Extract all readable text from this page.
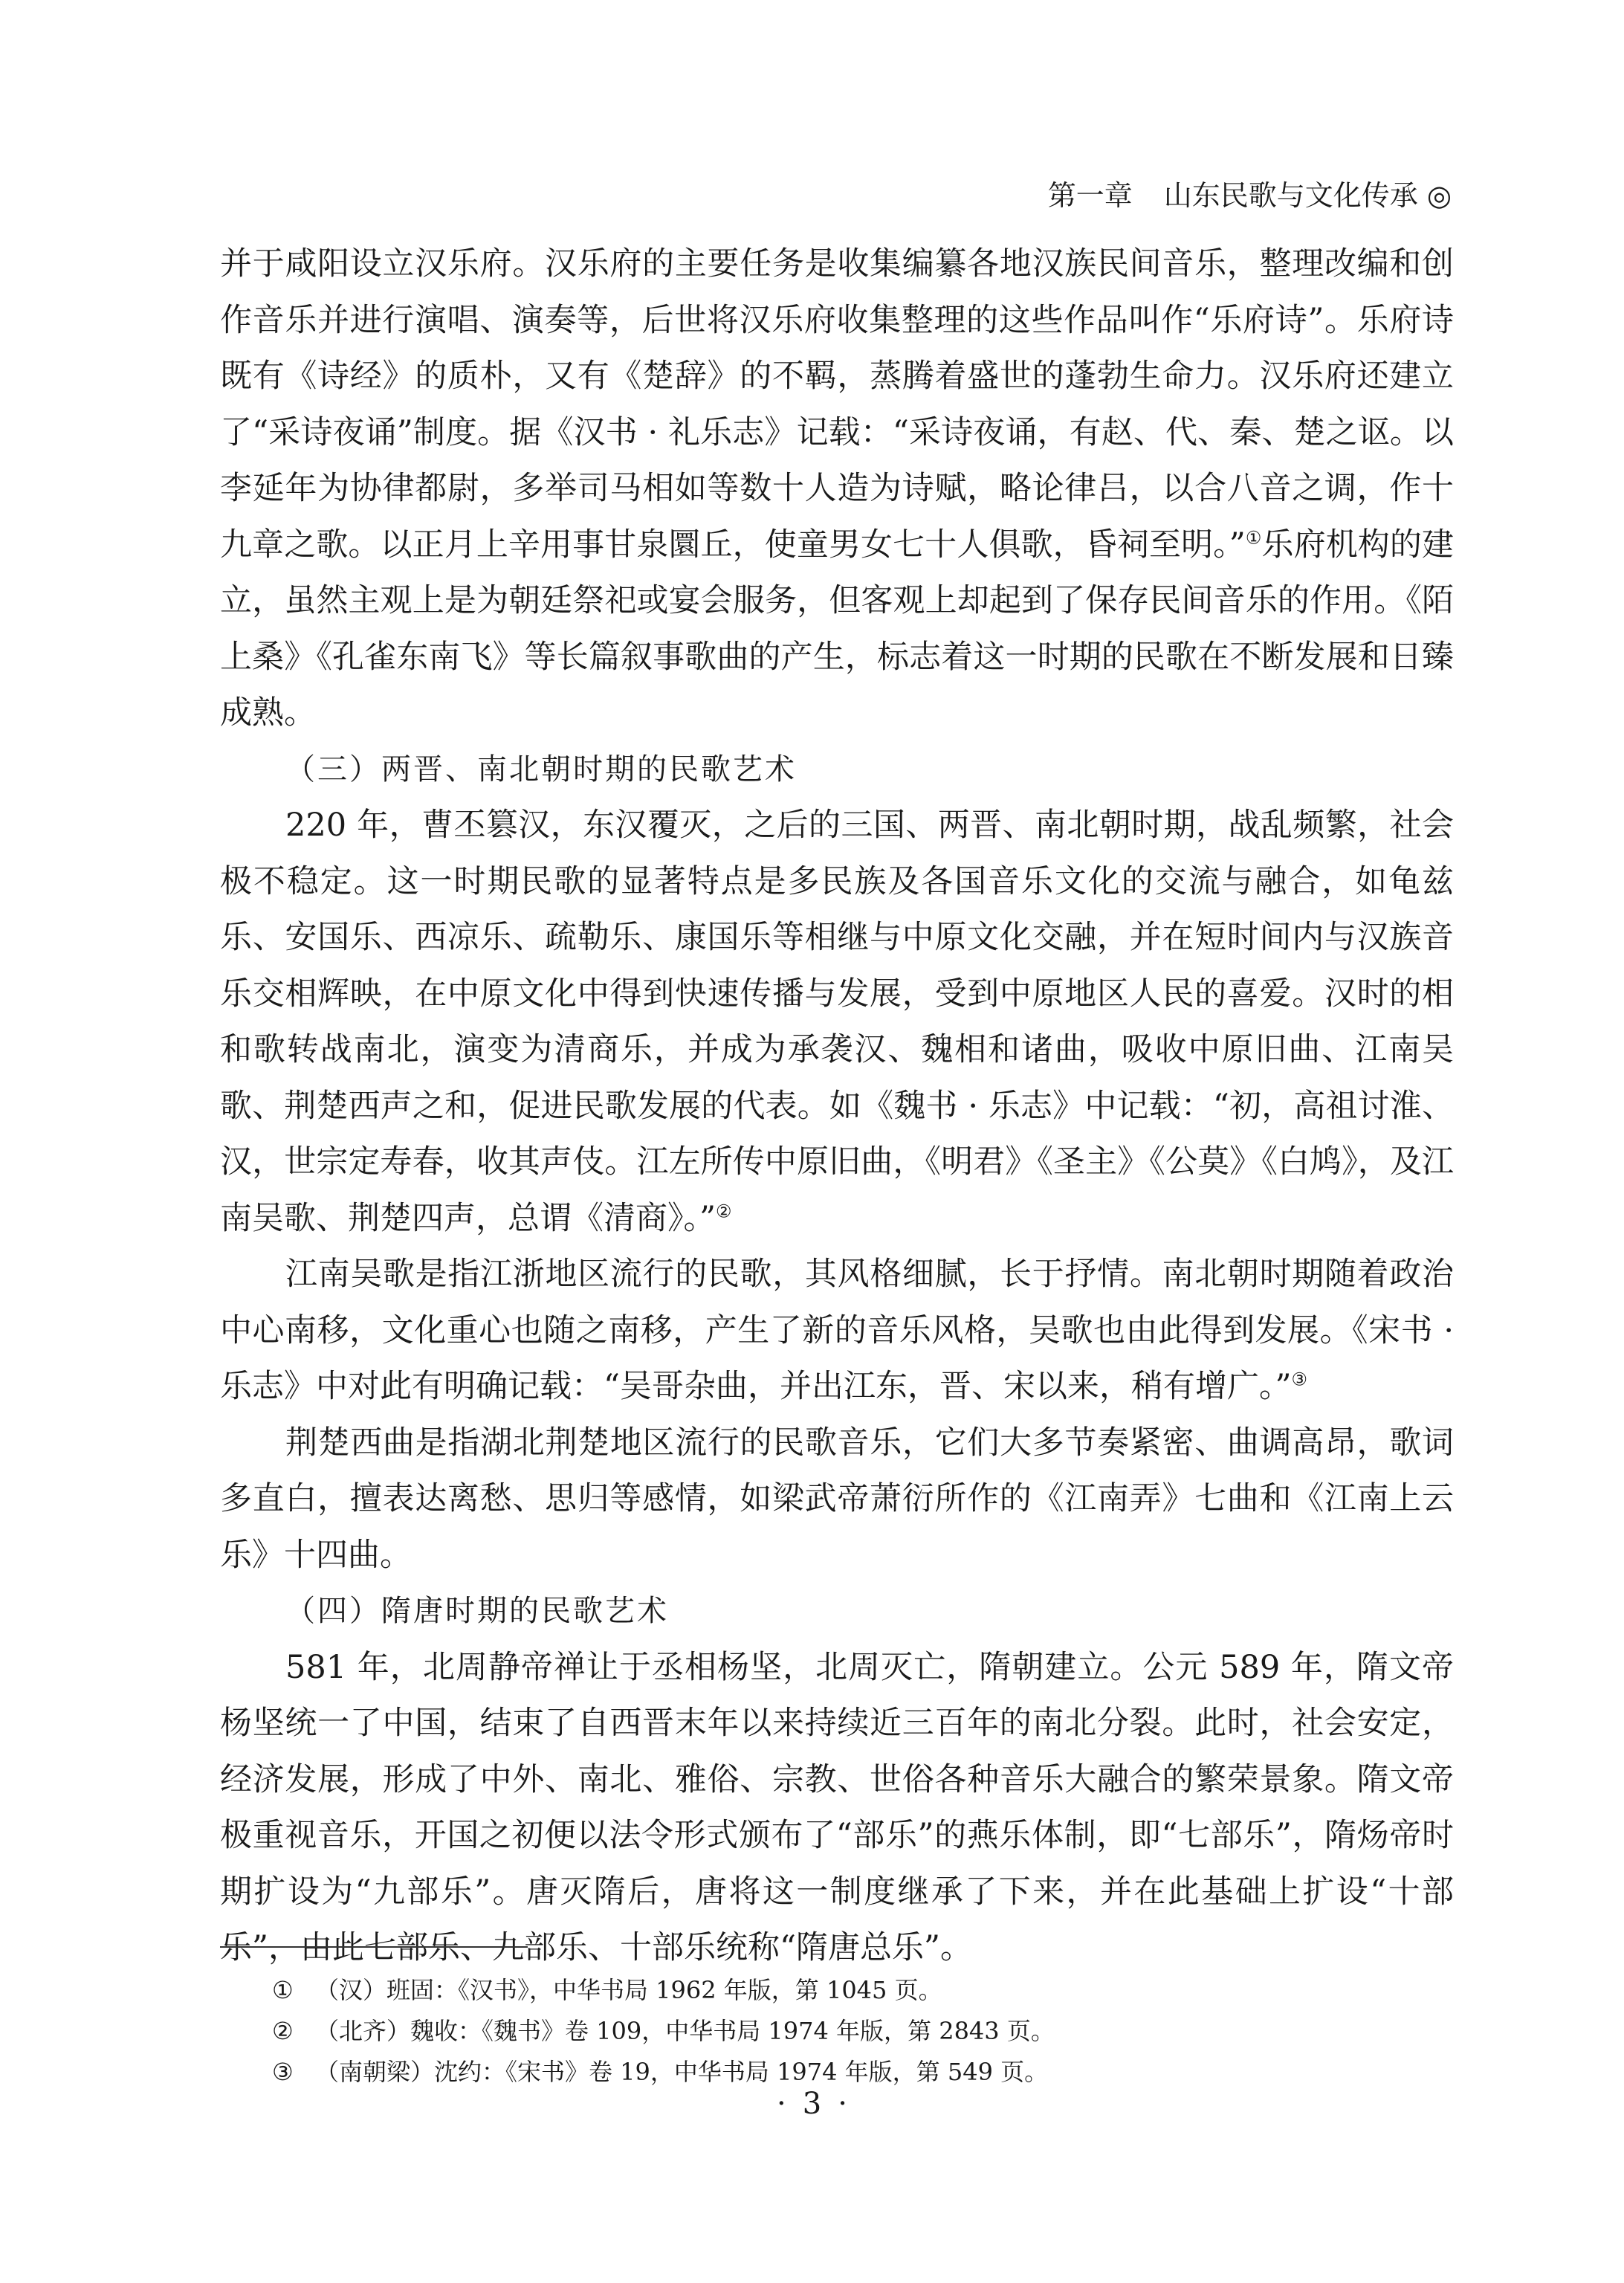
第一章 山东民歌与文化传承 ◎

并于咸阳设立汉乐府。汉乐府的主要任务是收集编纂各地汉族民间音乐，整理改编和创作音乐并进行演唱、演奏等，后世将汉乐府收集整理的这些作品叫作“乐府诗”。乐府诗既有《诗经》的质朴，又有《楚辞》的不羁，蒸腾着盛世的蓬勃生命力。汉乐府还建立了“采诗夜诵”制度。据《汉书 · 礼乐志》记载：“采诗夜诵，有赵、代、秦、楚之讴。以李延年为协律都尉，多举司马相如等数十人造为诗赋，略论律吕，以合八音之调，作十九章之歌。以正月上辛用事甘泉圜丘，使童男女七十人俱歌，昏祠至明。”①乐府机构的建立，虽然主观上是为朝廷祭祀或宴会服务，但客观上却起到了保存民间音乐的作用。《陌上桑》《孔雀东南飞》等长篇叙事歌曲的产生，标志着这一时期的民歌在不断发展和日臻成熟。

（三）两晋、南北朝时期的民歌艺术

220 年，曹丕篡汉，东汉覆灭，之后的三国、两晋、南北朝时期，战乱频繁，社会极不稳定。这一时期民歌的显著特点是多民族及各国音乐文化的交流与融合，如龟兹乐、安国乐、西凉乐、疏勒乐、康国乐等相继与中原文化交融，并在短时间内与汉族音乐交相辉映，在中原文化中得到快速传播与发展，受到中原地区人民的喜爱。汉时的相和歌转战南北，演变为清商乐，并成为承袭汉、魏相和诸曲，吸收中原旧曲、江南吴歌、荆楚西声之和，促进民歌发展的代表。如《魏书 · 乐志》中记载：“初，高祖讨淮、汉，世宗定寿春，收其声伎。江左所传中原旧曲，《明君》《圣主》《公莫》《白鸠》，及江南吴歌、荆楚四声，总谓《清商》。”②

江南吴歌是指江浙地区流行的民歌，其风格细腻，长于抒情。南北朝时期随着政治中心南移，文化重心也随之南移，产生了新的音乐风格，吴歌也由此得到发展。《宋书 · 乐志》中对此有明确记载：“吴哥杂曲，并出江东，晋、宋以来，稍有增广。”③

荆楚西曲是指湖北荆楚地区流行的民歌音乐，它们大多节奏紧密、曲调高昂，歌词多直白，擅表达离愁、思归等感情，如梁武帝萧衍所作的《江南弄》七曲和《江南上云乐》十四曲。

（四）隋唐时期的民歌艺术

581 年，北周静帝禅让于丞相杨坚，北周灭亡，隋朝建立。公元 589 年，隋文帝杨坚统一了中国，结束了自西晋末年以来持续近三百年的南北分裂。此时，社会安定，经济发展，形成了中外、南北、雅俗、宗教、世俗各种音乐大融合的繁荣景象。隋文帝极重视音乐，开国之初便以法令形式颁布了“部乐”的燕乐体制，即“七部乐”，隋炀帝时期扩设为“九部乐”。唐灭隋后，唐将这一制度继承了下来，并在此基础上扩设“十部乐”，由此七部乐、九部乐、十部乐统称“隋唐总乐”。

① （汉）班固：《汉书》，中华书局 1962 年版，第 1045 页。
② （北齐）魏收：《魏书》卷 109，中华书局 1974 年版，第 2843 页。
③ （南朝梁）沈约：《宋书》卷 19，中华书局 1974 年版，第 549 页。
· 3 ·
